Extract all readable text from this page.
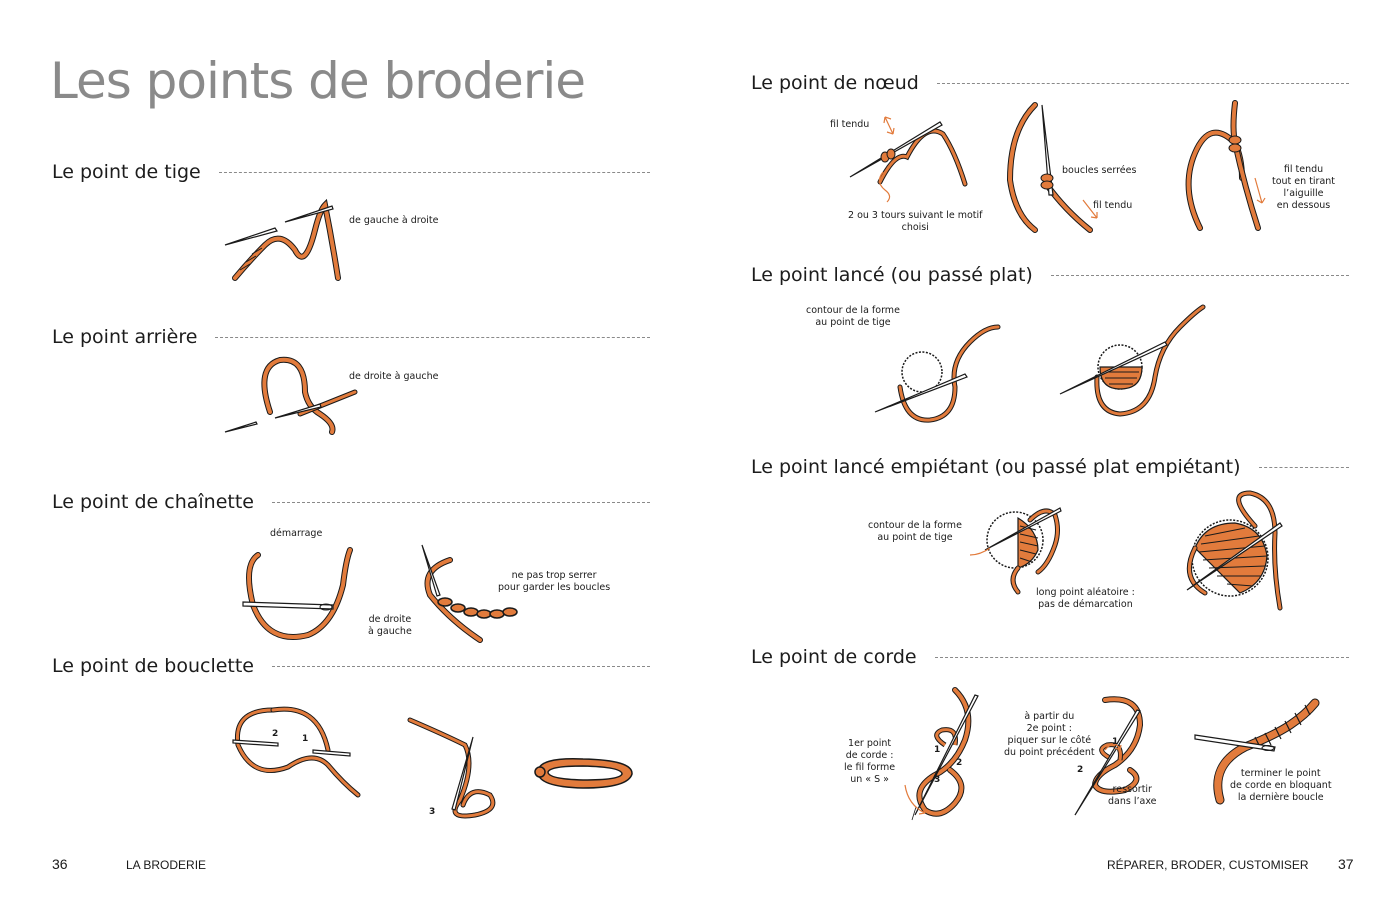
Les points de broderie
Le point de tige
de gauche à droite
Le point arrière
de droite à gauche
Le point de chaînette
démarrage
de droite
à gauche
ne pas trop serrer
pour garder les boucles
Le point de bouclette
2	1
3
36	LA BRODERIE
Le point de nœud
fil tendu
2 ou 3 tours suivant le motif
choisi
boucles serrées
fil tendu
fil tendu
tout en tirant
l’aiguille
en dessous
Le point lancé (ou passé plat)
contour de la forme
au point de tige
Le point lancé empiétant (ou passé plat empiétant)
contour de la forme
au point de tige
long point aléatoire :
pas de démarcation
Le point de corde
1er point
de corde :
le fil forme
un « S »
1
2
3
à partir du
2e point :
piquer sur le côté
du point précédent
1
2
ressortir
dans l’axe
terminer le point
de corde en bloquant
la dernière boucle
RÉPARER, BRODER, CUSTOMISER 37
